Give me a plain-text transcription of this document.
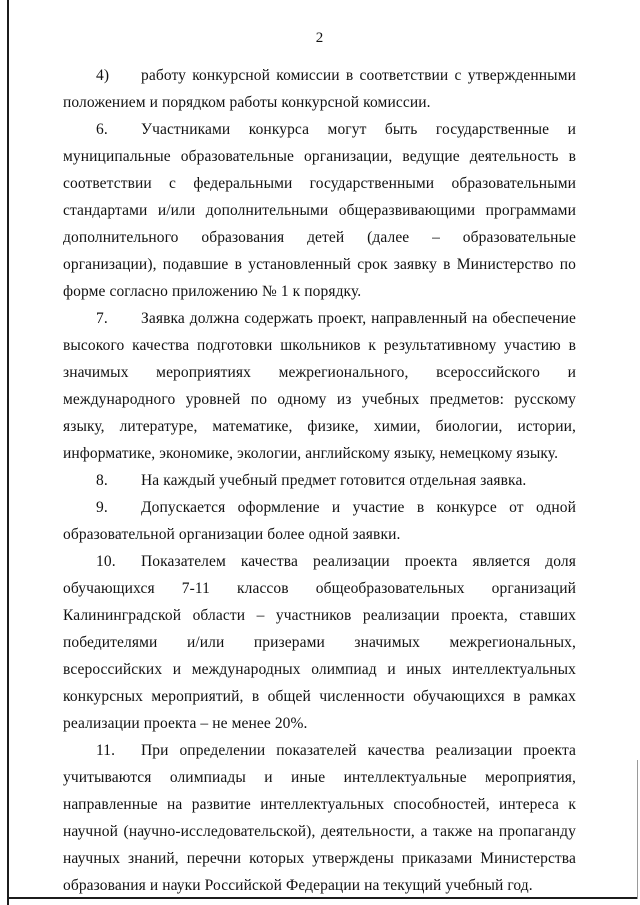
2

4) работу конкурсной комиссии в соответствии с утвержденными положением и порядком работы конкурсной комиссии.

6. Участниками конкурса могут быть государственные и муниципальные образовательные организации, ведущие деятельность в соответствии с федеральными государственными образовательными стандартами и/или дополнительными общеразвивающими программами дополнительного образования детей (далее – образовательные организации), подавшие в установленный срок заявку в Министерство по форме согласно приложению № 1 к порядку.

7. Заявка должна содержать проект, направленный на обеспечение высокого качества подготовки школьников к результативному участию в значимых мероприятиях межрегионального, всероссийского и международного уровней по одному из учебных предметов: русскому языку, литературе, математике, физике, химии, биологии, истории, информатике, экономике, экологии, английскому языку, немецкому языку.

8. На каждый учебный предмет готовится отдельная заявка.

9. Допускается оформление и участие в конкурсе от одной образовательной организации более одной заявки.

10. Показателем качества реализации проекта является доля обучающихся 7-11 классов общеобразовательных организаций Калининградской области – участников реализации проекта, ставших победителями и/или призерами значимых межрегиональных, всероссийских и международных олимпиад и иных интеллектуальных конкурсных мероприятий, в общей численности обучающихся в рамках реализации проекта – не менее 20%.

11. При определении показателей качества реализации проекта учитываются олимпиады и иные интеллектуальные мероприятия, направленные на развитие интеллектуальных способностей, интереса к научной (научно-исследовательской), деятельности, а также на пропаганду научных знаний, перечни которых утверждены приказами Министерства образования и науки Российской Федерации на текущий учебный год.
